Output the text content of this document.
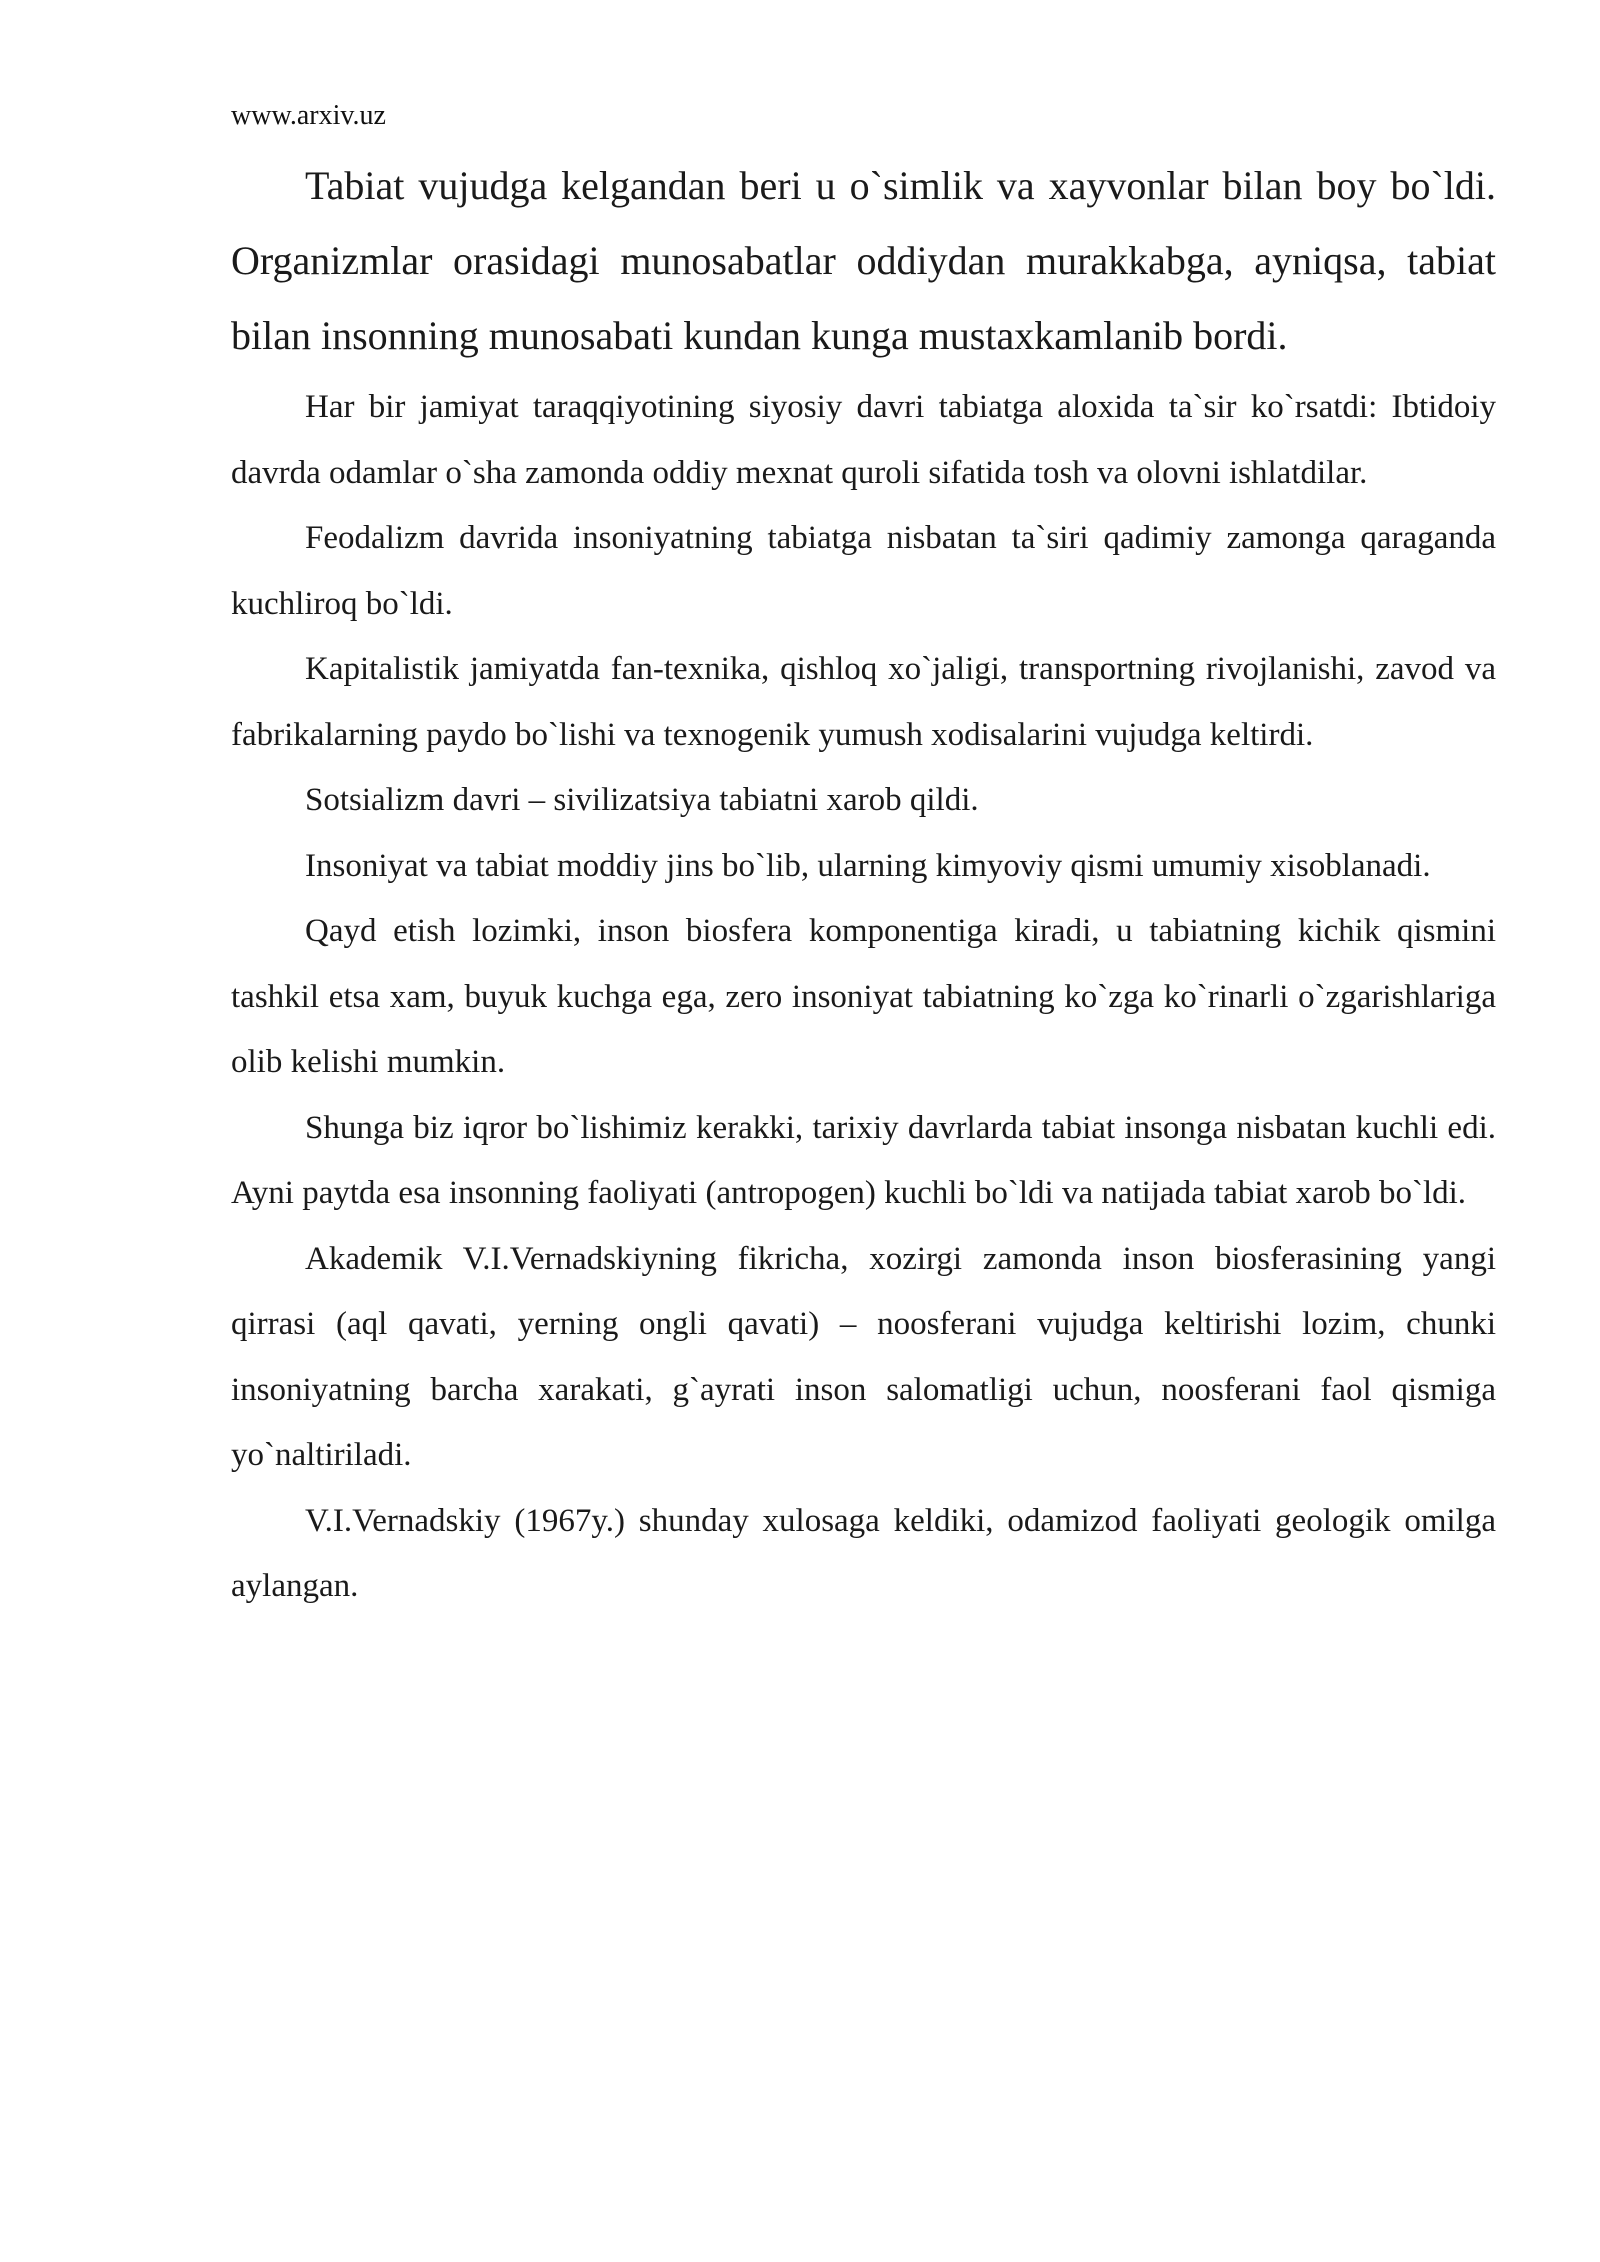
www.arxiv.uz

Tabiat vujudga kelgandan beri u o`simlik va xayvonlar bilan boy bo`ldi. Organizmlar orasidagi munosabatlar oddiydan murakkabga, ayniqsa, tabiat bilan insonning munosabati kundan kunga mustaxkamlanib bordi.

Har bir jamiyat taraqqiyotining siyosiy davri tabiatga aloxida ta`sir ko`rsatdi: Ibtidoiy davrda odamlar o`sha zamonda oddiy mexnat quroli sifatida tosh va olovni ishlatdilar.

Feodalizm davrida insoniyatning tabiatga nisbatan ta`siri qadimiy zamonga qaraganda kuchliroq bo`ldi.

Kapitalistik jamiyatda fan-texnika, qishloq xo`jaligi, transportning rivojlanishi, zavod va fabrikalarning paydo bo`lishi va texnogenik yumush xodisalarini vujudga keltirdi.

Sotsializm davri – sivilizatsiya tabiatni xarob qildi.

Insoniyat va tabiat moddiy jins bo`lib, ularning kimyoviy qismi umumiy xisoblanadi.

Qayd etish lozimki, inson biosfera komponentiga kiradi, u tabiatning kichik qismini tashkil etsa xam, buyuk kuchga ega, zero insoniyat tabiatning ko`zga ko`rinarli o`zgarishlariga olib kelishi mumkin.

Shunga biz iqror bo`lishimiz kerakki, tarixiy davrlarda tabiat insonga nisbatan kuchli edi. Ayni paytda esa insonning faoliyati (antropogen) kuchli bo`ldi va natijada tabiat xarob bo`ldi.

Akademik V.I.Vernadskiyning fikricha, xozirgi zamonda inson biosferasining yangi qirrasi (aql qavati, yerning ongli qavati) – noosferani vujudga keltirishi lozim, chunki insoniyatning barcha xarakati, g`ayrati inson salomatligi uchun, noosferani faol qismiga yo`naltiriladi.

V.I.Vernadskiy (1967y.) shunday xulosaga keldiki, odamizod faoliyati geologik omilga aylangan.
